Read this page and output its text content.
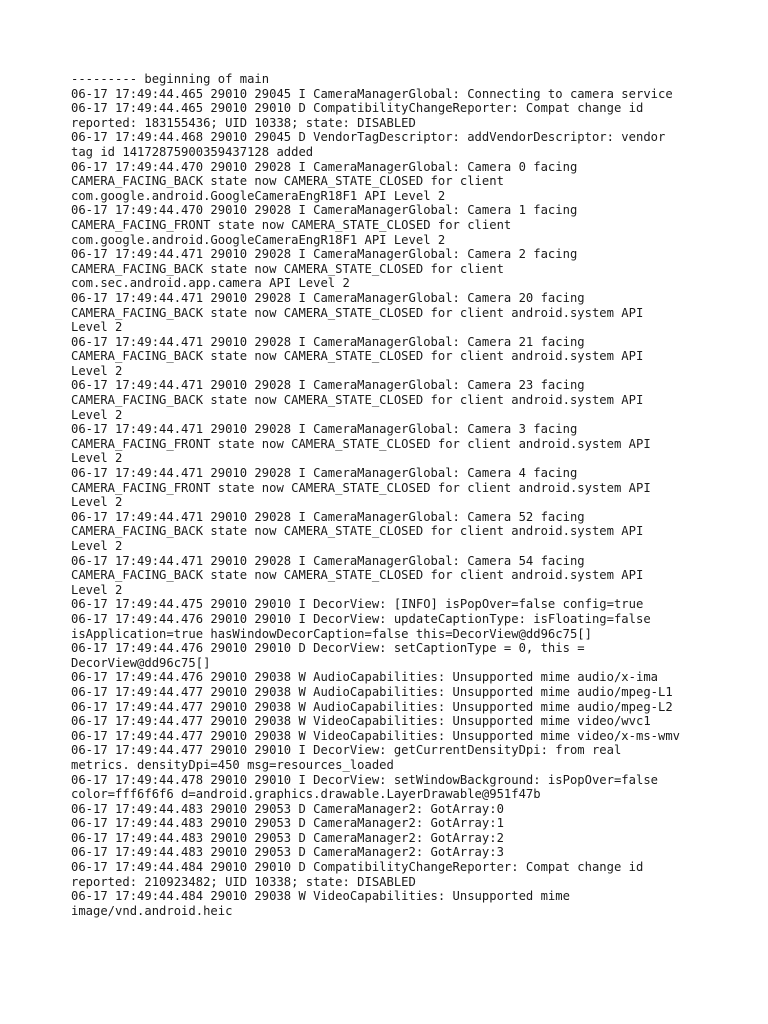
--------- beginning of main
06-17 17:49:44.465 29010 29045 I CameraManagerGlobal: Connecting to camera service
06-17 17:49:44.465 29010 29010 D CompatibilityChangeReporter: Compat change id
reported: 183155436; UID 10338; state: DISABLED
06-17 17:49:44.468 29010 29045 D VendorTagDescriptor: addVendorDescriptor: vendor
tag id 14172875900359437128 added
06-17 17:49:44.470 29010 29028 I CameraManagerGlobal: Camera 0 facing
CAMERA_FACING_BACK state now CAMERA_STATE_CLOSED for client
com.google.android.GoogleCameraEngR18F1 API Level 2
06-17 17:49:44.470 29010 29028 I CameraManagerGlobal: Camera 1 facing
CAMERA_FACING_FRONT state now CAMERA_STATE_CLOSED for client
com.google.android.GoogleCameraEngR18F1 API Level 2
06-17 17:49:44.471 29010 29028 I CameraManagerGlobal: Camera 2 facing
CAMERA_FACING_BACK state now CAMERA_STATE_CLOSED for client
com.sec.android.app.camera API Level 2
06-17 17:49:44.471 29010 29028 I CameraManagerGlobal: Camera 20 facing
CAMERA_FACING_BACK state now CAMERA_STATE_CLOSED for client android.system API
Level 2
06-17 17:49:44.471 29010 29028 I CameraManagerGlobal: Camera 21 facing
CAMERA_FACING_BACK state now CAMERA_STATE_CLOSED for client android.system API
Level 2
06-17 17:49:44.471 29010 29028 I CameraManagerGlobal: Camera 23 facing
CAMERA_FACING_BACK state now CAMERA_STATE_CLOSED for client android.system API
Level 2
06-17 17:49:44.471 29010 29028 I CameraManagerGlobal: Camera 3 facing
CAMERA_FACING_FRONT state now CAMERA_STATE_CLOSED for client android.system API
Level 2
06-17 17:49:44.471 29010 29028 I CameraManagerGlobal: Camera 4 facing
CAMERA_FACING_FRONT state now CAMERA_STATE_CLOSED for client android.system API
Level 2
06-17 17:49:44.471 29010 29028 I CameraManagerGlobal: Camera 52 facing
CAMERA_FACING_BACK state now CAMERA_STATE_CLOSED for client android.system API
Level 2
06-17 17:49:44.471 29010 29028 I CameraManagerGlobal: Camera 54 facing
CAMERA_FACING_BACK state now CAMERA_STATE_CLOSED for client android.system API
Level 2
06-17 17:49:44.475 29010 29010 I DecorView: [INFO] isPopOver=false config=true
06-17 17:49:44.476 29010 29010 I DecorView: updateCaptionType: isFloating=false
isApplication=true hasWindowDecorCaption=false this=DecorView@dd96c75[]
06-17 17:49:44.476 29010 29010 D DecorView: setCaptionType = 0, this =
DecorView@dd96c75[]
06-17 17:49:44.476 29010 29038 W AudioCapabilities: Unsupported mime audio/x-ima
06-17 17:49:44.477 29010 29038 W AudioCapabilities: Unsupported mime audio/mpeg-L1
06-17 17:49:44.477 29010 29038 W AudioCapabilities: Unsupported mime audio/mpeg-L2
06-17 17:49:44.477 29010 29038 W VideoCapabilities: Unsupported mime video/wvc1
06-17 17:49:44.477 29010 29038 W VideoCapabilities: Unsupported mime video/x-ms-wmv
06-17 17:49:44.477 29010 29010 I DecorView: getCurrentDensityDpi: from real
metrics. densityDpi=450 msg=resources_loaded
06-17 17:49:44.478 29010 29010 I DecorView: setWindowBackground: isPopOver=false
color=fff6f6f6 d=android.graphics.drawable.LayerDrawable@951f47b
06-17 17:49:44.483 29010 29053 D CameraManager2: GotArray:0
06-17 17:49:44.483 29010 29053 D CameraManager2: GotArray:1
06-17 17:49:44.483 29010 29053 D CameraManager2: GotArray:2
06-17 17:49:44.483 29010 29053 D CameraManager2: GotArray:3
06-17 17:49:44.484 29010 29010 D CompatibilityChangeReporter: Compat change id
reported: 210923482; UID 10338; state: DISABLED
06-17 17:49:44.484 29010 29038 W VideoCapabilities: Unsupported mime
image/vnd.android.heic
